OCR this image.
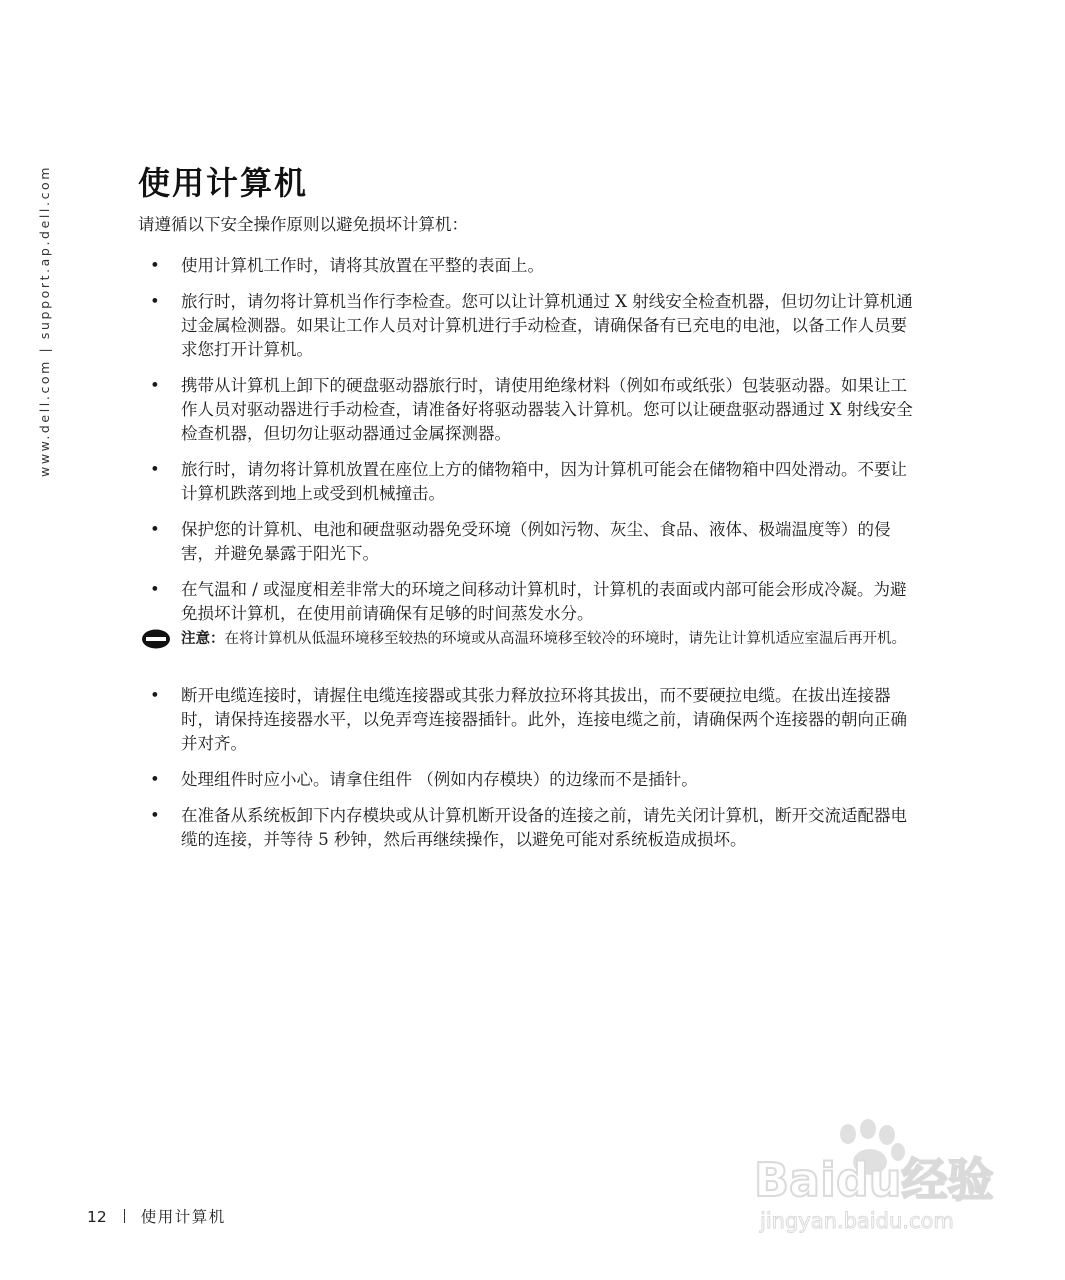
www.dell.com | support.ap.dell.com	使用计算机
请遵循以下安全操作原则以避免损坏计算机：
• 使用计算机工作时，请将其放置在平整的表面上。
• 旅行时，请勿将计算机当作行李检查。您可以让计算机通过 X 射线安全检查机器，但切勿让计算机通过金属检测器。如果让工作人员对计算机进行手动检查，请确保备有已充电的电池，以备工作人员要求您打开计算机。
• 携带从计算机上卸下的硬盘驱动器旅行时，请使用绝缘材料（例如布或纸张）包装驱动器。如果让工作人员对驱动器进行手动检查，请准备好将驱动器装入计算机。您可以让硬盘驱动器通过 X 射线安全检查机器，但切勿让驱动器通过金属探测器。
• 旅行时，请勿将计算机放置在座位上方的储物箱中，因为计算机可能会在储物箱中四处滑动。不要让计算机跌落到地上或受到机械撞击。
• 保护您的计算机、电池和硬盘驱动器免受环境（例如污物、灰尘、食品、液体、极端温度等）的侵害，并避免暴露于阳光下。
• 在气温和 / 或湿度相差非常大的环境之间移动计算机时，计算机的表面或内部可能会形成冷凝。为避免损坏计算机，在使用前请确保有足够的时间蒸发水分。
注意：在将计算机从低温环境移至较热的环境或从高温环境移至较冷的环境时，请先让计算机适应室温后再开机。
• 断开电缆连接时，请握住电缆连接器或其张力释放拉环将其拔出，而不要硬拉电缆。在拔出连接器时，请保持连接器水平，以免弄弯连接器插针。此外，连接电缆之前，请确保两个连接器的朝向正确并对齐。
• 处理组件时应小心。请拿住组件 （例如内存模块）的边缘而不是插针。
• 在准备从系统板卸下内存模块或从计算机断开设备的连接之前，请先关闭计算机，断开交流适配器电缆的连接，并等待 5 秒钟，然后再继续操作，以避免可能对系统板造成损坏。
12 使用计算机
Baidu经验
jingyan.baidu.com
